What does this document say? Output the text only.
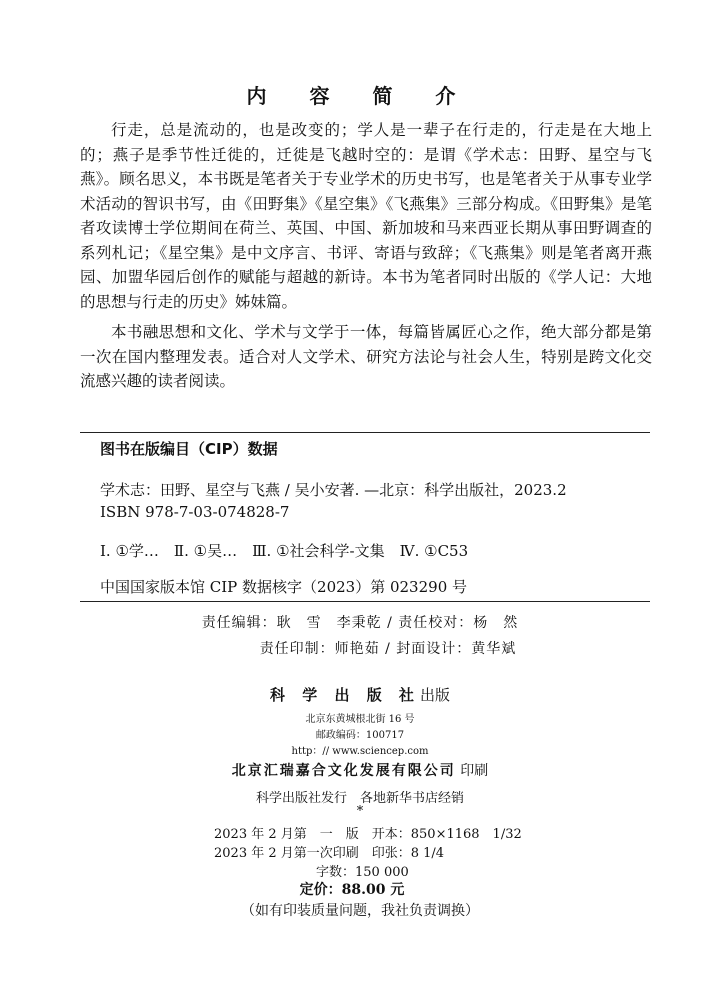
内 容 简 介
行走，总是流动的，也是改变的；学人是一辈子在行走的，行走是在大地上的；燕子是季节性迁徙的，迁徙是飞越时空的：是谓《学术志：田野、星空与飞燕》。顾名思义，本书既是笔者关于专业学术的历史书写，也是笔者关于从事专业学术活动的智识书写，由《田野集》《星空集》《飞燕集》三部分构成。《田野集》是笔者攻读博士学位期间在荷兰、英国、中国、新加坡和马来西亚长期从事田野调查的系列札记；《星空集》是中文序言、书评、寄语与致辞；《飞燕集》则是笔者离开燕园、加盟华园后创作的赋能与超越的新诗。本书为笔者同时出版的《学人记：大地的思想与行走的历史》姊妹篇。
本书融思想和文化、学术与文学于一体，每篇皆属匠心之作，绝大部分都是第一次在国内整理发表。适合对人文学术、研究方法论与社会人生，特别是跨文化交流感兴趣的读者阅读。
图书在版编目（CIP）数据
学术志：田野、星空与飞燕 / 吴小安著. —北京：科学出版社，2023.2
ISBN 978-7-03-074828-7
Ⅰ. ①学…　Ⅱ. ①吴…　Ⅲ. ①社会科学-文集　Ⅳ. ①C53
中国国家版本馆 CIP 数据核字（2023）第 023290 号
责任编辑：耿　雪　李秉乾 / 责任校对：杨　然
责任印制：师艳茹 / 封面设计：黄华斌
科 学 出 版 社出版
北京东黄城根北街 16 号
邮政编码：100717
http：// www.sciencep.com
北京汇瑞嘉合文化发展有限公司 印刷
科学出版社发行　各地新华书店经销
*
2023 年 2 月第　一　版　开本：850×1168　1/32
2023 年 2 月第一次印刷　印张：8 1/4
字数：150 000
定价：88.00 元
（如有印装质量问题，我社负责调换）
